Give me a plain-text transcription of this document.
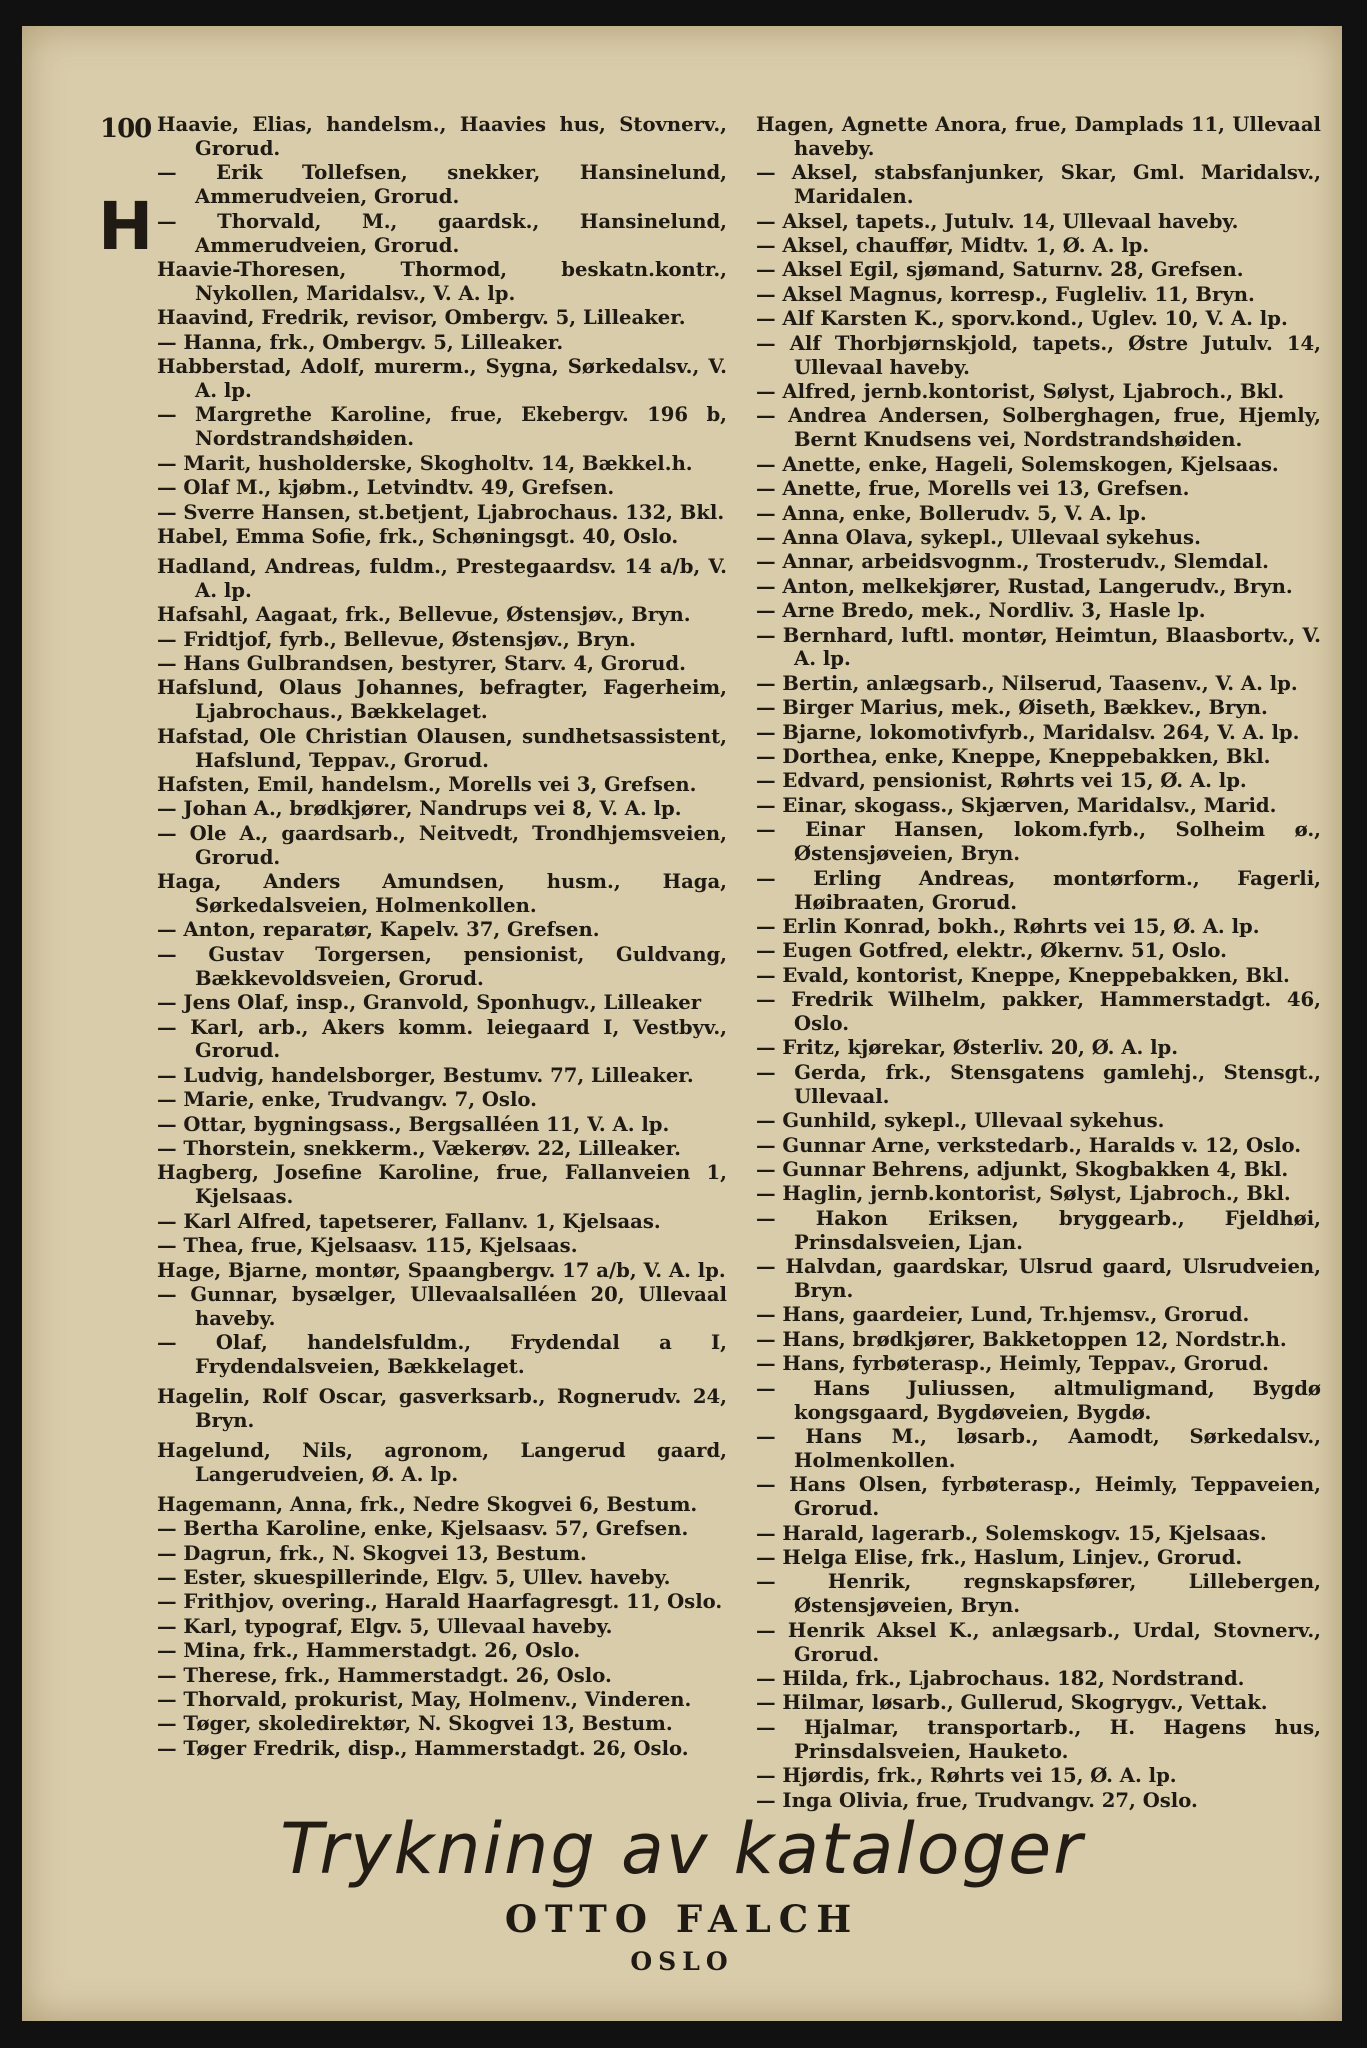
100
H

Haavie, Elias, handelsm., Haavies hus, Stovnerv., Grorud.

— Erik Tollefsen, snekker, Hansinelund, Ammerudveien, Grorud.

— Thorvald, M., gaardsk., Hansinelund, Ammerudveien, Grorud.

Haavie-Thoresen, Thormod, beskatn.kontr., Nykollen, Maridalsv., V. A. lp.

Haavind, Fredrik, revisor, Ombergv. 5, Lilleaker.

— Hanna, frk., Ombergv. 5, Lilleaker.

Habberstad, Adolf, murerm., Sygna, Sørkedalsv., V. A. lp.

— Margrethe Karoline, frue, Ekebergv. 196 b, Nordstrandshøiden.

— Marit, husholderske, Skogholtv. 14, Bækkel.h.

— Olaf M., kjøbm., Letvindtv. 49, Grefsen.

— Sverre Hansen, st.betjent, Ljabrochaus. 132, Bkl.

Habel, Emma Sofie, frk., Schøningsgt. 40, Oslo.

Hadland, Andreas, fuldm., Prestegaardsv. 14 a/b, V. A. lp.

Hafsahl, Aagaat, frk., Bellevue, Østensjøv., Bryn.

— Fridtjof, fyrb., Bellevue, Østensjøv., Bryn.

— Hans Gulbrandsen, bestyrer, Starv. 4, Grorud.

Hafslund, Olaus Johannes, befragter, Fagerheim, Ljabrochaus., Bækkelaget.

Hafstad, Ole Christian Olausen, sundhetsassistent, Hafslund, Teppav., Grorud.

Hafsten, Emil, handelsm., Morells vei 3, Grefsen.

— Johan A., brødkjører, Nandrups vei 8, V. A. lp.

— Ole A., gaardsarb., Neitvedt, Trondhjemsveien, Grorud.

Haga, Anders Amundsen, husm., Haga, Sørkedalsveien, Holmenkollen.

— Anton, reparatør, Kapelv. 37, Grefsen.

— Gustav Torgersen, pensionist, Guldvang, Bækkevoldsveien, Grorud.

— Jens Olaf, insp., Granvold, Sponhugv., Lilleaker

— Karl, arb., Akers komm. leiegaard I, Vestbyv., Grorud.

— Ludvig, handelsborger, Bestumv. 77, Lilleaker.

— Marie, enke, Trudvangv. 7, Oslo.

— Ottar, bygningsass., Bergsalléen 11, V. A. lp.

— Thorstein, snekkerm., Vækerøv. 22, Lilleaker.

Hagberg, Josefine Karoline, frue, Fallanveien 1, Kjelsaas.

— Karl Alfred, tapetserer, Fallanv. 1, Kjelsaas.

— Thea, frue, Kjelsaasv. 115, Kjelsaas.

Hage, Bjarne, montør, Spaangbergv. 17 a/b, V. A. lp.

— Gunnar, bysælger, Ullevaalsalléen 20, Ullevaal haveby.

— Olaf, handelsfuldm., Frydendal a I, Frydendalsveien, Bækkelaget.

Hagelin, Rolf Oscar, gasverksarb., Rognerudv. 24, Bryn.

Hagelund, Nils, agronom, Langerud gaard, Langerudveien, Ø. A. lp.

Hagemann, Anna, frk., Nedre Skogvei 6, Bestum.

— Bertha Karoline, enke, Kjelsaasv. 57, Grefsen.

— Dagrun, frk., N. Skogvei 13, Bestum.

— Ester, skuespillerinde, Elgv. 5, Ullev. haveby.

— Frithjov, overing., Harald Haarfagresgt. 11, Oslo.

— Karl, typograf, Elgv. 5, Ullevaal haveby.

— Mina, frk., Hammerstadgt. 26, Oslo.

— Therese, frk., Hammerstadgt. 26, Oslo.

— Thorvald, prokurist, May, Holmenv., Vinderen.

— Tøger, skoledirektør, N. Skogvei 13, Bestum.

— Tøger Fredrik, disp., Hammerstadgt. 26, Oslo.

Hagen, Agnette Anora, frue, Damplads 11, Ullevaal haveby.

— Aksel, stabsfanjunker, Skar, Gml. Maridalsv., Maridalen.

— Aksel, tapets., Jutulv. 14, Ullevaal haveby.

— Aksel, chauffør, Midtv. 1, Ø. A. lp.

— Aksel Egil, sjømand, Saturnv. 28, Grefsen.

— Aksel Magnus, korresp., Fugleliv. 11, Bryn.

— Alf Karsten K., sporv.kond., Uglev. 10, V. A. lp.

— Alf Thorbjørnskjold, tapets., Østre Jutulv. 14, Ullevaal haveby.

— Alfred, jernb.kontorist, Sølyst, Ljabroch., Bkl.

— Andrea Andersen, Solberghagen, frue, Hjemly, Bernt Knudsens vei, Nordstrandshøiden.

— Anette, enke, Hageli, Solemskogen, Kjelsaas.

— Anette, frue, Morells vei 13, Grefsen.

— Anna, enke, Bollerudv. 5, V. A. lp.

— Anna Olava, sykepl., Ullevaal sykehus.

— Annar, arbeidsvognm., Trosterudv., Slemdal.

— Anton, melkekjører, Rustad, Langerudv., Bryn.

— Arne Bredo, mek., Nordliv. 3, Hasle lp.

— Bernhard, luftl. montør, Heimtun, Blaasbortv., V. A. lp.

— Bertin, anlægsarb., Nilserud, Taasenv., V. A. lp.

— Birger Marius, mek., Øiseth, Bækkev., Bryn.

— Bjarne, lokomotivfyrb., Maridalsv. 264, V. A. lp.

— Dorthea, enke, Kneppe, Kneppebakken, Bkl.

— Edvard, pensionist, Røhrts vei 15, Ø. A. lp.

— Einar, skogass., Skjærven, Maridalsv., Marid.

— Einar Hansen, lokom.fyrb., Solheim ø., Østensjøveien, Bryn.

— Erling Andreas, montørform., Fagerli, Høibraaten, Grorud.

— Erlin Konrad, bokh., Røhrts vei 15, Ø. A. lp.

— Eugen Gotfred, elektr., Økernv. 51, Oslo.

— Evald, kontorist, Kneppe, Kneppebakken, Bkl.

— Fredrik Wilhelm, pakker, Hammerstadgt. 46, Oslo.

— Fritz, kjørekar, Østerliv. 20, Ø. A. lp.

— Gerda, frk., Stensgatens gamlehj., Stensgt., Ullevaal.

— Gunhild, sykepl., Ullevaal sykehus.

— Gunnar Arne, verkstedarb., Haralds v. 12, Oslo.

— Gunnar Behrens, adjunkt, Skogbakken 4, Bkl.

— Haglin, jernb.kontorist, Sølyst, Ljabroch., Bkl.

— Hakon Eriksen, bryggearb., Fjeldhøi, Prinsdalsveien, Ljan.

— Halvdan, gaardskar, Ulsrud gaard, Ulsrudveien, Bryn.

— Hans, gaardeier, Lund, Tr.hjemsv., Grorud.

— Hans, brødkjører, Bakketoppen 12, Nordstr.h.

— Hans, fyrbøterasp., Heimly, Teppav., Grorud.

— Hans Juliussen, altmuligmand, Bygdø kongsgaard, Bygdøveien, Bygdø.

— Hans M., løsarb., Aamodt, Sørkedalsv., Holmenkollen.

— Hans Olsen, fyrbøterasp., Heimly, Teppaveien, Grorud.

— Harald, lagerarb., Solemskogv. 15, Kjelsaas.

— Helga Elise, frk., Haslum, Linjev., Grorud.

— Henrik, regnskapsfører, Lillebergen, Østensjøveien, Bryn.

— Henrik Aksel K., anlægsarb., Urdal, Stovnerv., Grorud.

— Hilda, frk., Ljabrochaus. 182, Nordstrand.

— Hilmar, løsarb., Gullerud, Skogrygv., Vettak.

— Hjalmar, transportarb., H. Hagens hus, Prinsdalsveien, Hauketo.

— Hjørdis, frk., Røhrts vei 15, Ø. A. lp.

— Inga Olivia, frue, Trudvangv. 27, Oslo.

Trykning av kataloger
OTTO FALCH
OSLO
